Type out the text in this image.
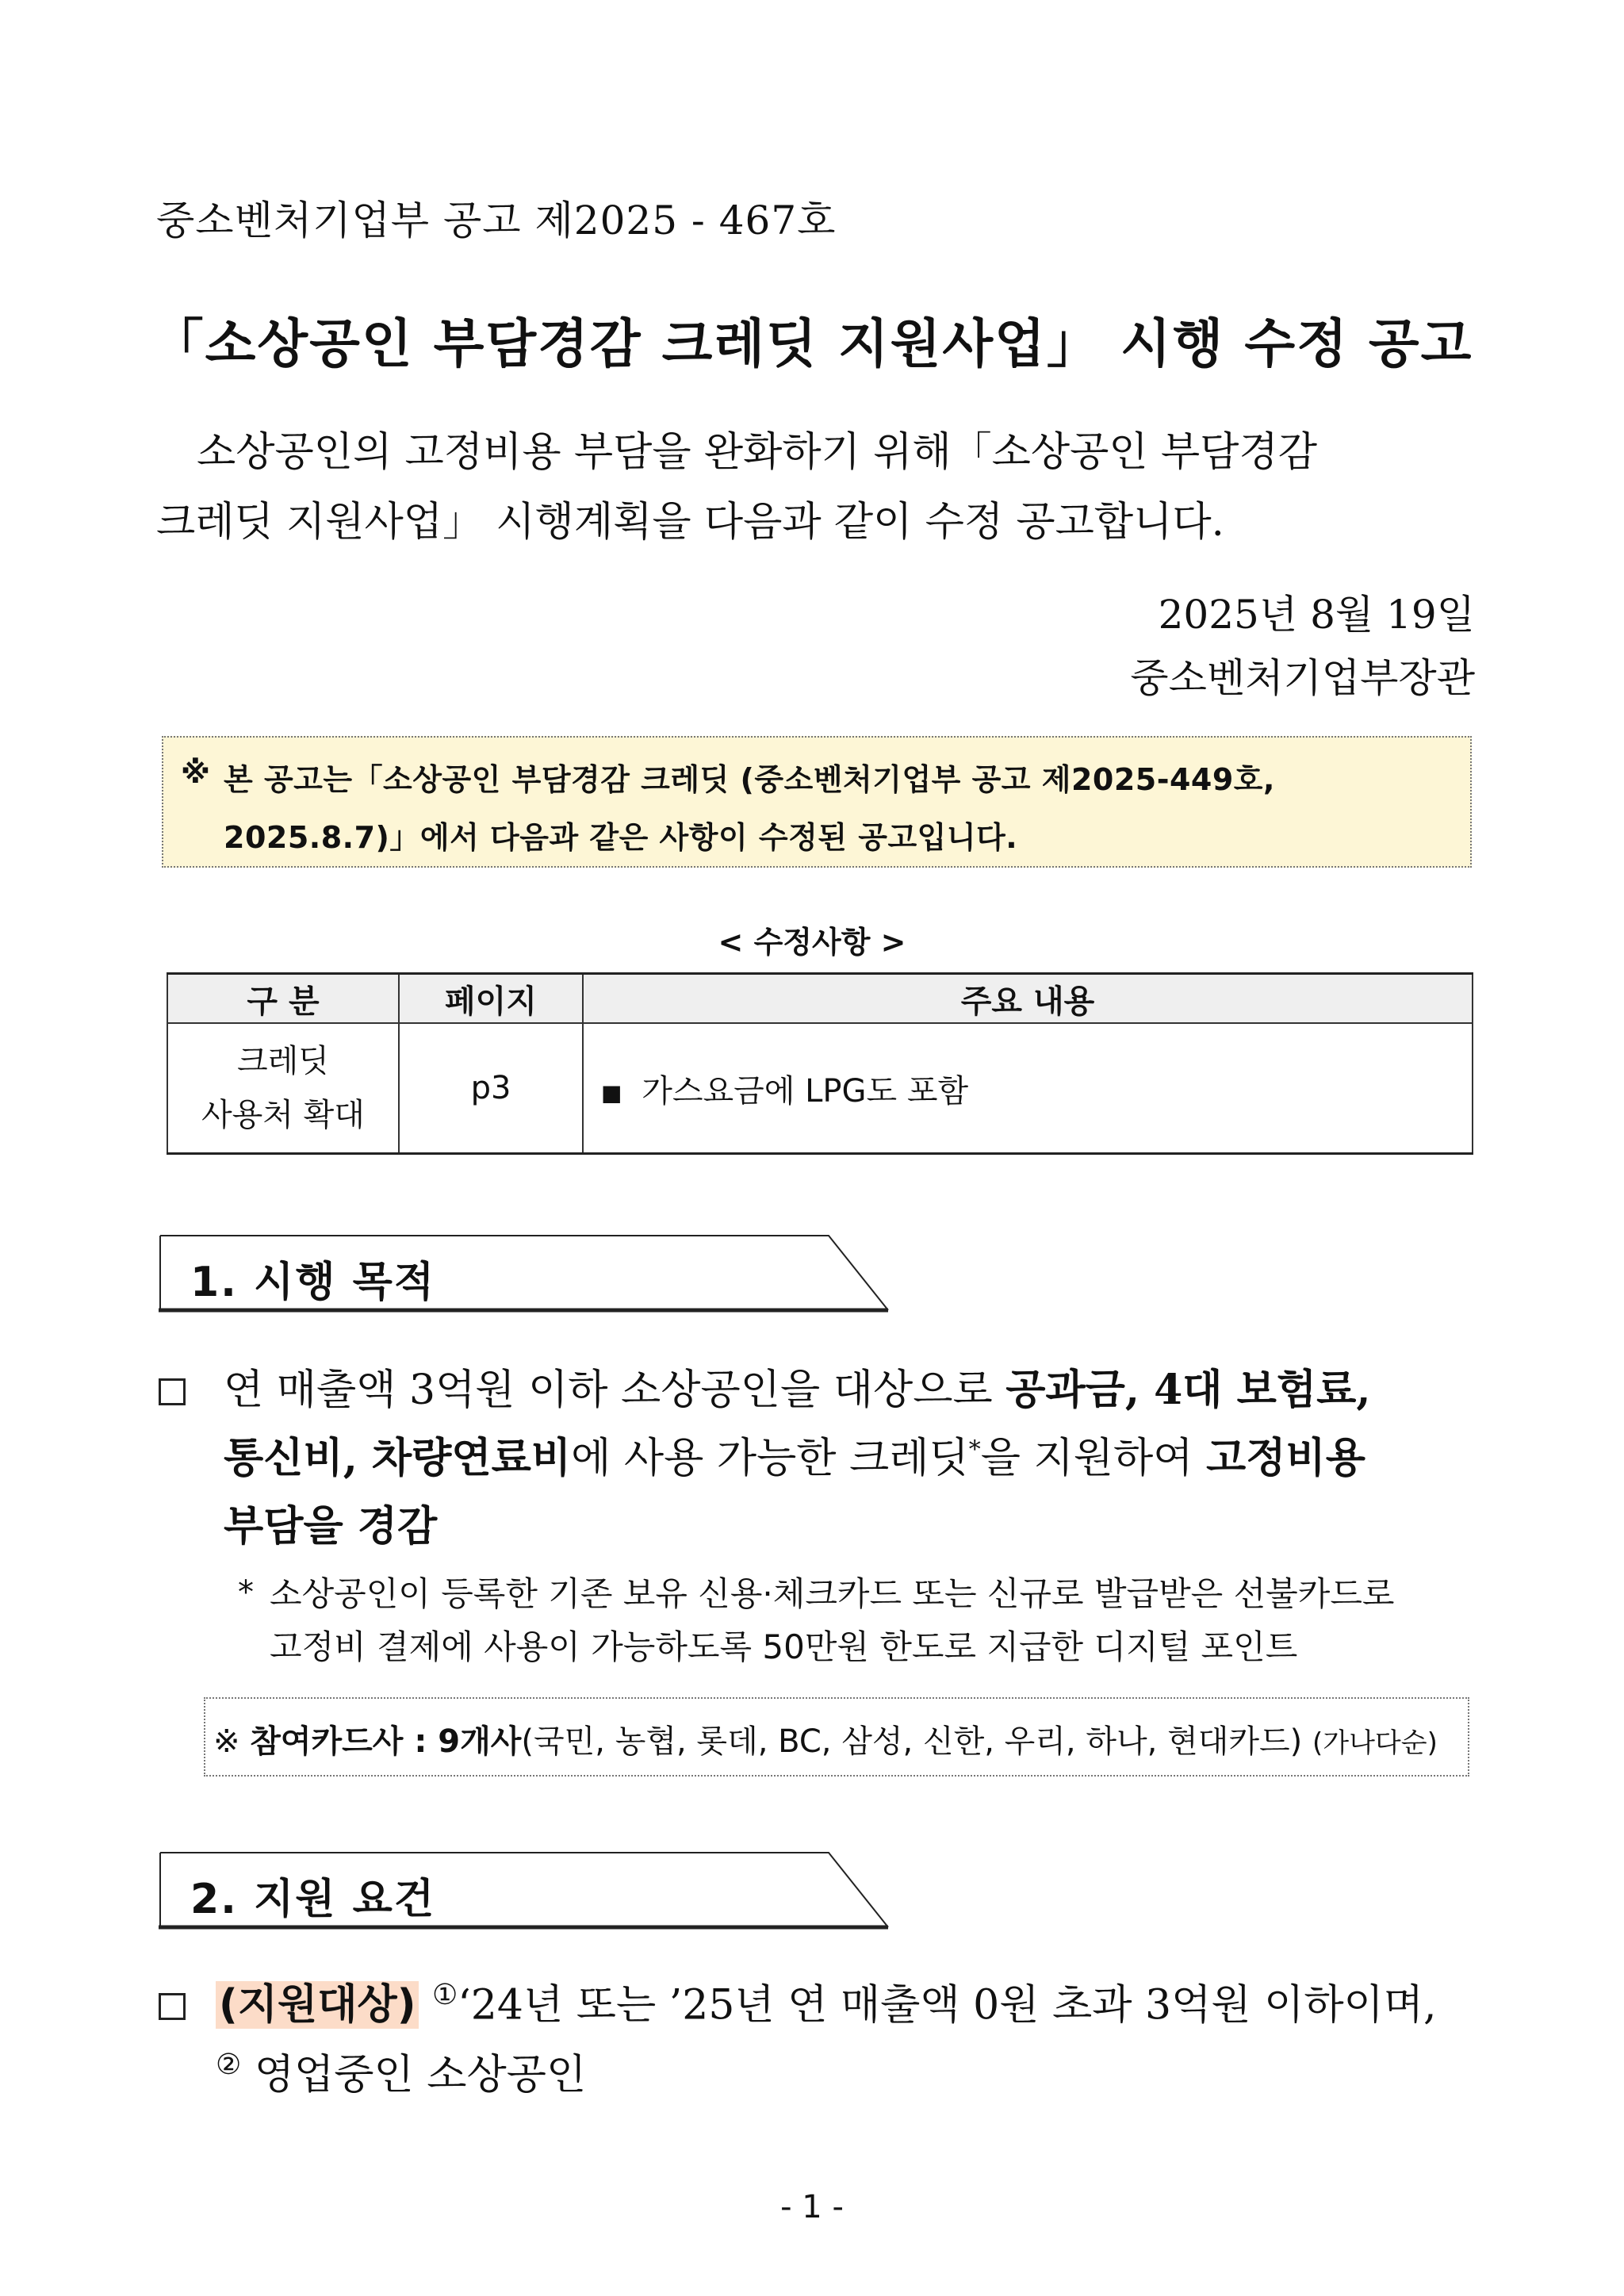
중소벤처기업부 공고 제2025 - 467호
「소상공인 부담경감 크레딧 지원사업」 시행 수정 공고
소상공인의 고정비용 부담을 완화하기 위해「소상공인 부담경감
크레딧 지원사업」 시행계획을 다음과 같이 수정 공고합니다.
2025년 8월 19일
중소벤처기업부장관
※ 본 공고는「소상공인 부담경감 크레딧 (중소벤처기업부 공고 제2025-449호,
2025.8.7)」에서 다음과 같은 사항이 수정된 공고입니다.
< 수정사항 >
구 분	페이지	주요 내용

크레딧
사용처 확대	p3	■ 가스요금에 LPG도 포함
1. 시행 목적
연 매출액 3억원 이하 소상공인을 대상으로 공과금, 4대 보험료,
통신비, 차량연료비에 사용 가능한 크레딧*을 지원하여 고정비용
부담을 경감
* 소상공인이 등록한 기존 보유 신용·체크카드 또는 신규로 발급받은 선불카드로
고정비 결제에 사용이 가능하도록 50만원 한도로 지급한 디지털 포인트
※ 참여카드사 : 9개사(국민, 농협, 롯데, BC, 삼성, 신한, 우리, 하나, 현대카드) (가나다순)
2. 지원 요건
(지원대상) ①‘24년 또는 ’25년 연 매출액 0원 초과 3억원 이하이며,
② 영업중인 소상공인
- 1 -
